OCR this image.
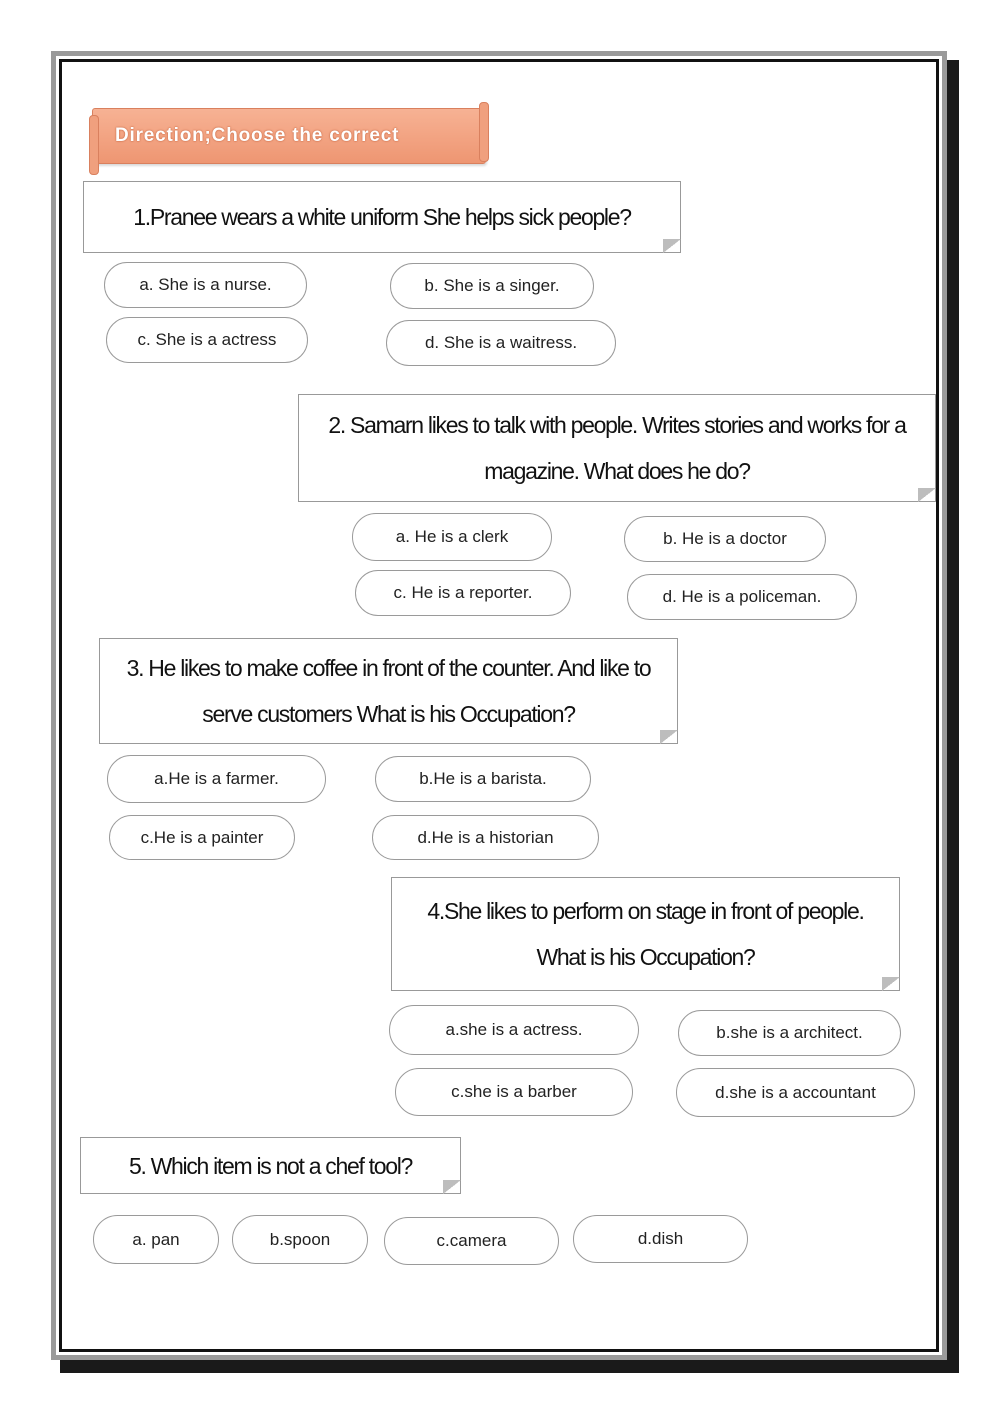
Direction;Choose the correct
1.Pranee wears a white uniform She helps sick people?
a. She is a nurse.	b. She is a singer.
c. She is a actress	d. She is a waitress.
2. Samarn likes to talk with people. Writes stories and works for a
magazine. What does he do?
a. He is a clerk	b. He is a doctor
c. He is a reporter.	d. He is a policeman.
3. He likes to make coffee in front of the counter. And like to
serve customers What is his Occupation?
a.He is a farmer.	b.He is a barista.
c.He is a painter	d.He is a historian
4.She likes to perform on stage in front of people.
What is his Occupation?
a.she is a actress.	b.she is a architect.
c.she is a barber	d.she is a accountant
5. Which item is not a chef tool?
a. pan	b.spoon	c.camera	d.dish
